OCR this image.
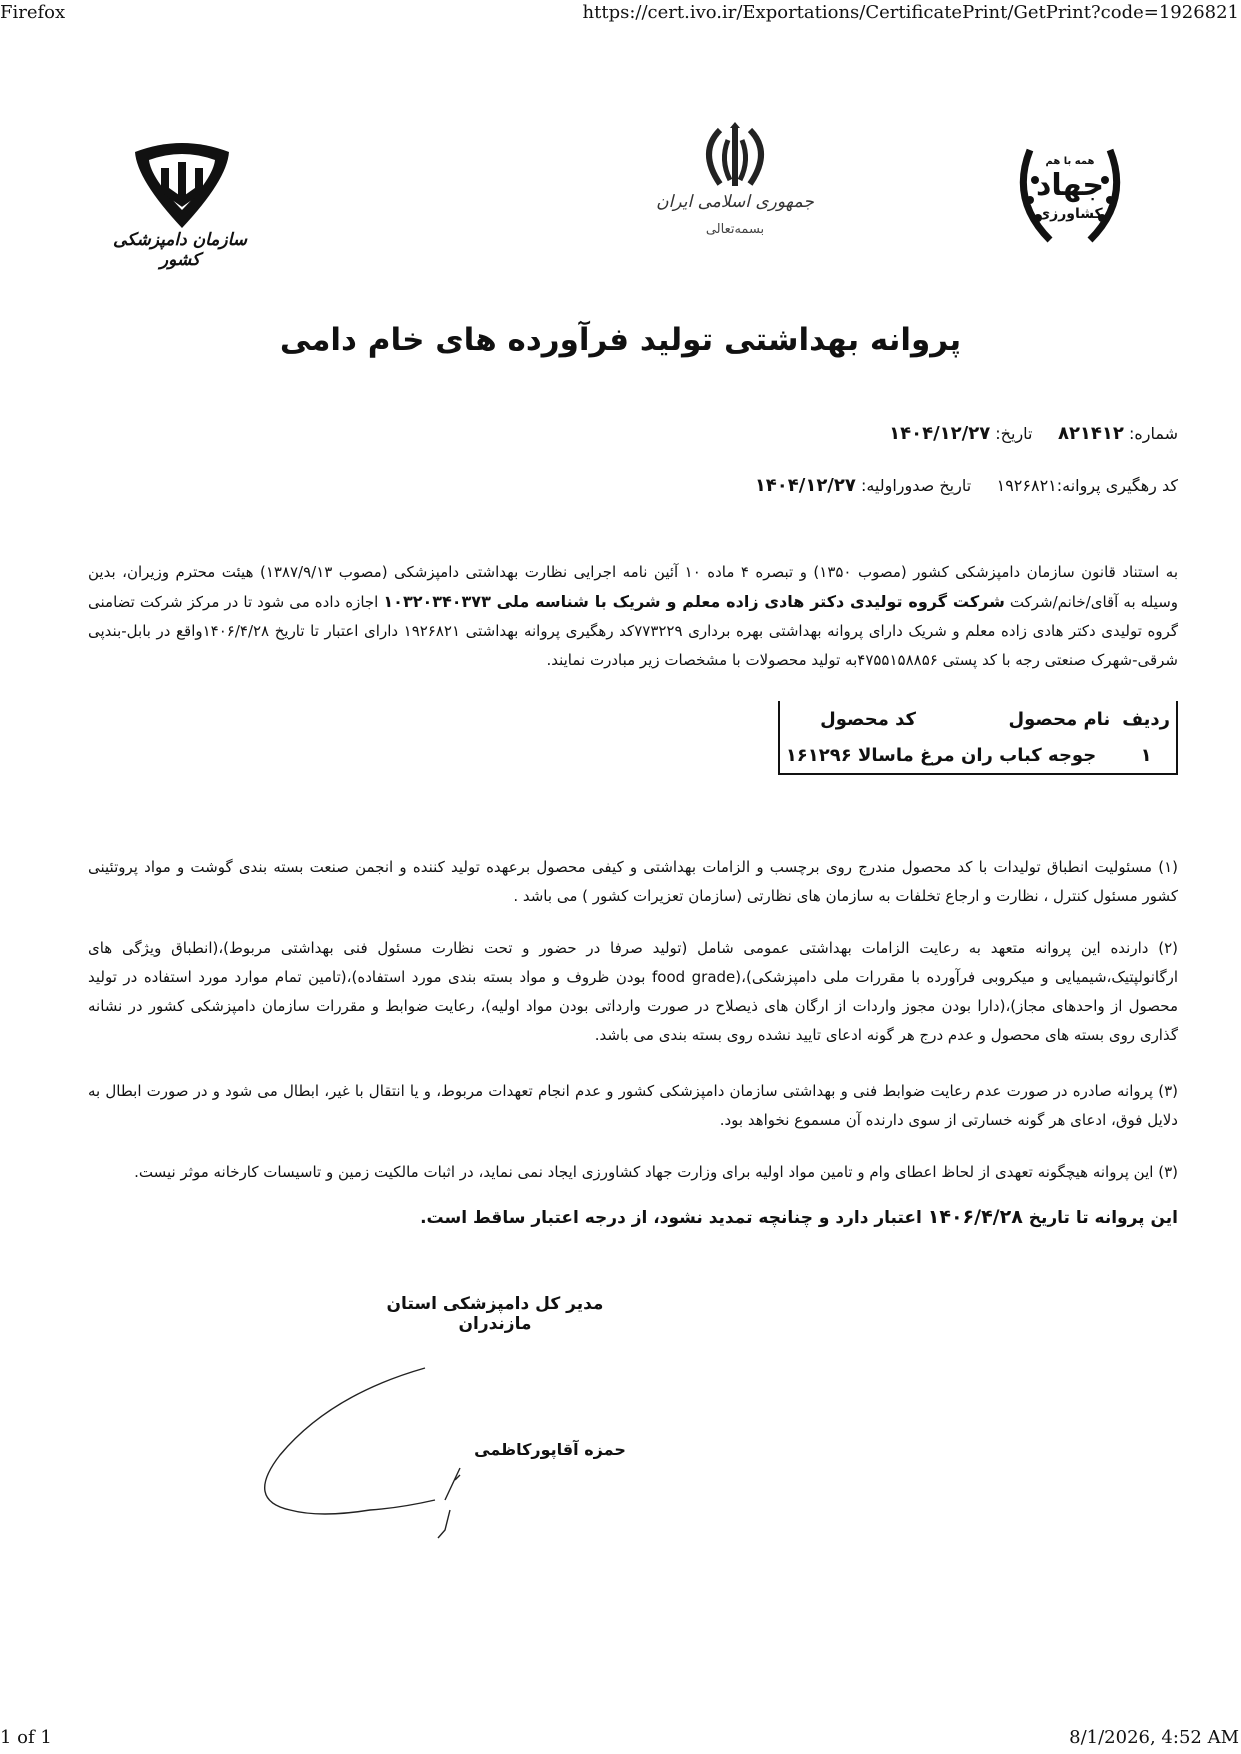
Firefox	https://cert.ivo.ir/Exportations/CertificatePrint/GetPrint?code=1926821
1 of 1	8/1/2026, 4:52 AM
سازمان دامپزشکی کشور
جمهوری اسلامی ایران
بسمه‌تعالی
همه با هم
جهاد
کشاورزی
پروانه بهداشتی تولید فرآورده های خام دامی
شماره: ۸۲۱۴۱۲     تاریخ: ۱۴۰۴/۱۲/۲۷
کد رهگیری پروانه:۱۹۲۶۸۲۱     تاریخ صدوراولیه: ۱۴۰۴/۱۲/۲۷
به استناد قانون سازمان دامپزشکی کشور (مصوب ۱۳۵۰) و تبصره ۴ ماده ۱۰ آئین نامه اجرایی نظارت بهداشتی دامپزشکی (مصوب ۱۳۸۷/۹/۱۳) هیئت محترم وزیران، بدین وسیله به آقای/خانم/شرکت شرکت گروه تولیدی دکتر هادی زاده معلم و شریک با شناسه ملی ۱۰۳۲۰۳۴۰۳۷۳ اجازه داده می شود تا در مرکز شرکت تضامنی گروه تولیدی دکتر هادی زاده معلم و شریک دارای پروانه بهداشتی بهره برداری ۷۷۳۲۲۹کد رهگیری پروانه بهداشتی ۱۹۲۶۸۲۱ دارای اعتبار تا تاریخ ۱۴۰۶/۴/۲۸واقع در بابل-بندپی شرقی-شهرک صنعتی رجه با کد پستی ۴۷۵۵۱۵۸۸۵۶به تولید محصولات با مشخصات زیر مبادرت نمایند.
ردیف	نام محصول	کد محصول
۱	جوجه کباب ران مرغ ماسالا ۱۶۱۲۹۶	
(۱) مسئولیت انطباق تولیدات با کد محصول مندرج روی برچسب و الزامات بهداشتی و کیفی محصول برعهده تولید کننده و انجمن صنعت بسته بندی گوشت و مواد پروتئینی کشور مسئول کنترل ، نظارت و ارجاع تخلفات به سازمان های نظارتی (سازمان تعزیرات کشور ) می باشد .
(۲) دارنده این پروانه متعهد به رعایت الزامات بهداشتی عمومی شامل (تولید صرفا در حضور و تحت نظارت مسئول فنی بهداشتی مربوط)،(انطباق ویژگی های ارگانولپتیک،شیمیایی و میکروبی فرآورده با مقررات ملی دامپزشکی)،(food grade بودن ظروف و مواد بسته بندی مورد استفاده)،(تامین تمام موارد مورد استفاده در تولید محصول از واحدهای مجاز)،(دارا بودن مجوز واردات از ارگان های ذیصلاح در صورت وارداتی بودن مواد اولیه)، رعایت ضوابط و مقررات سازمان دامپزشکی کشور در نشانه گذاری روی بسته های محصول و عدم درج هر گونه ادعای تایید نشده روی بسته بندی می باشد.
(۳) پروانه صادره در صورت عدم رعایت ضوابط فنی و بهداشتی سازمان دامپزشکی کشور و عدم انجام تعهدات مربوط، و یا انتقال با غیر، ابطال می شود و در صورت ابطال به دلایل فوق، ادعای هر گونه خسارتی از سوی دارنده آن مسموع نخواهد بود.
(۳) این پروانه هیچگونه تعهدی از لحاظ اعطای وام و تامین مواد اولیه برای وزارت جهاد کشاورزی ایجاد نمی نماید، در اثبات مالکیت زمین و تاسیسات کارخانه موثر نیست.
این پروانه تا تاریخ ۱۴۰۶/۴/۲۸ اعتبار دارد و چنانچه تمدید نشود، از درجه اعتبار ساقط است.
مدیر کل دامپزشکی استان مازندران
حمزه آقاپورکاظمی
